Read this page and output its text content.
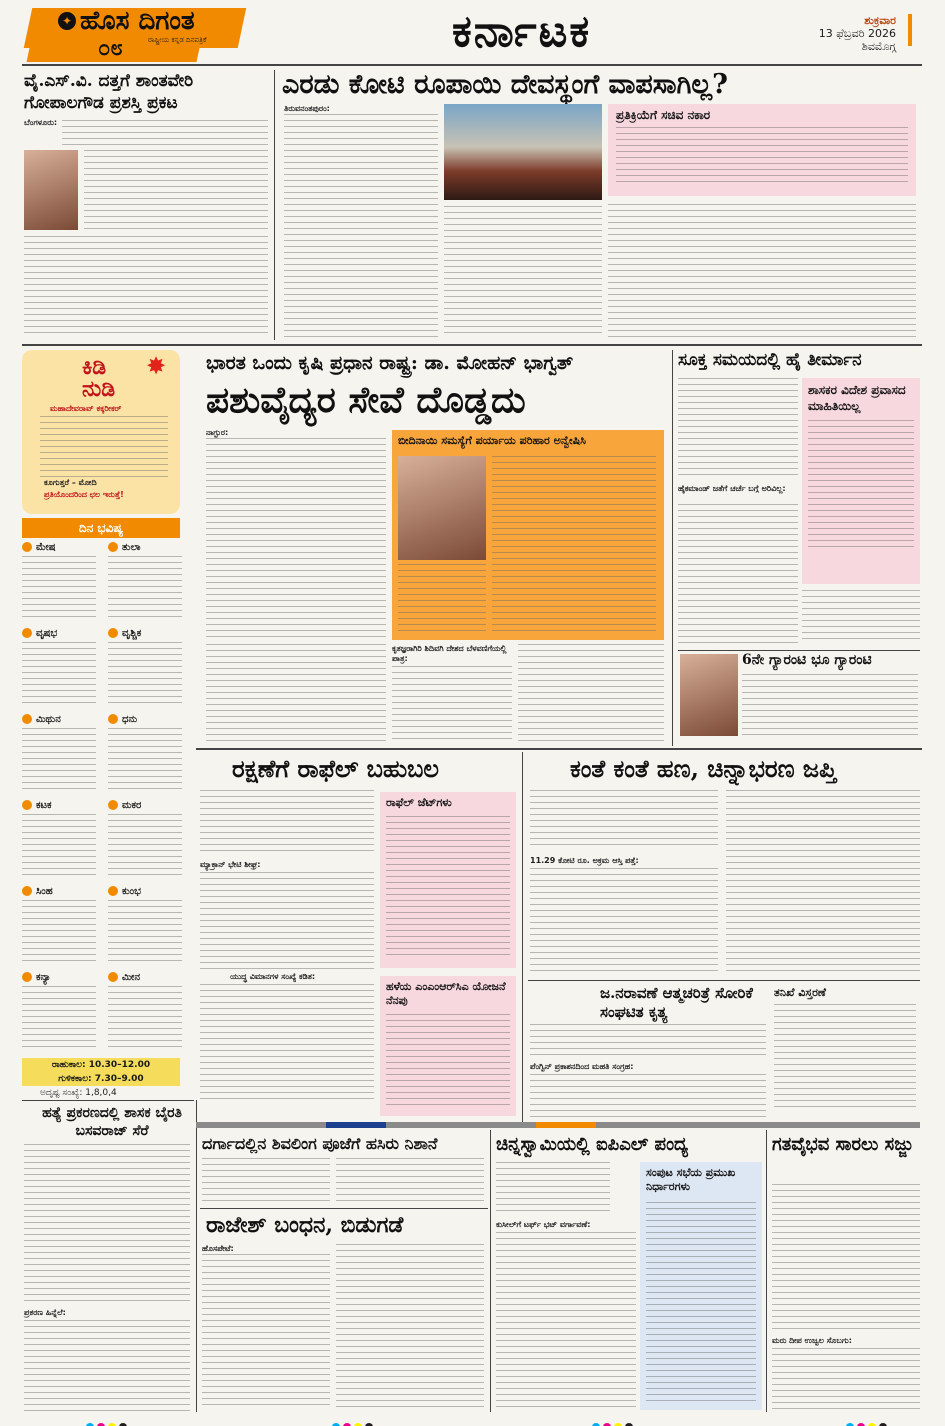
✦ ಹೊಸ ದಿಗಂತ
ರಾಷ್ಟ್ರೀಯ ಕನ್ನಡ ದಿನಪತ್ರಿಕೆ
೦೮	ಕರ್ನಾಟಕ	ಶುಕ್ರವಾರ
13 ಫೆಬ್ರವರಿ 2026
ಶಿವಮೊಗ್ಗ
ವೈ.ಎಸ್.ವಿ. ದತ್ತಗೆ ಶಾಂತವೇರಿ
ಗೋಪಾಲಗೌಡ ಪ್ರಶಸ್ತಿ ಪ್ರಕಟ
ಬೆಂಗಳೂರು:
ಎರಡು ಕೋಟಿ ರೂಪಾಯಿ ದೇವಸ್ಥಂಗೆ ವಾಪಸಾಗಿಲ್ಲ?
ತಿರುವನಂತಪುರಂ:	ಪ್ರತಿಕ್ರಿಯೆಗೆ ಸಚಿವ ನಕಾರ
ಕಿಡಿ ನುಡಿ
✸
ಮಹಾದೇವರಾವ್ ಕಕ್ಕರೀಕರ್
ಕೂಗುತ್ತರೆ – ಮೋದಿ
ಪ್ರತಿಯೊಂದರಿಂದ ಛಲ ಇರುತ್ತೆ!
ದಿನ ಭವಿಷ್ಯ
ಮೇಷ	ತುಲಾ
ವೃಷಭ	ವೃಶ್ಚಿಕ
ಮಿಥುನ	ಧನು
ಕಟಕ	ಮಕರ
ಸಿಂಹ	ಕುಂಭ
ಕನ್ಯಾ	ಮೀನ
ರಾಹುಕಾಲ: 10.30–12.00
ಗುಳಿಕಕಾಲ: 7.30–9.00
ಅದೃಷ್ಟ ಸಂಖ್ಯೆ: 1,8,0,4
ಭಾರತ ಒಂದು ಕೃಷಿ ಪ್ರಧಾನ ರಾಷ್ಟ್ರ: ಡಾ. ಮೋಹನ್ ಭಾಗ್ವತ್
ಪಶುವೈದ್ಯರ ಸೇವೆ ದೊಡ್ಡದು
ನಾಗ್ಪುರ:
ಬೀದಿನಾಯಿ ಸಮಸ್ಯೆಗೆ ಪರ್ಯಾಯ ಪರಿಹಾರ ಅನ್ವೇಷಿಸಿ
ಕೃತಜ್ಞರಾಗಿರಿ ಶಿದಿವಗಿ ದೇಶದ ಬೆಳವಣಿಗೆಯಲ್ಲಿ ಪಾತ್ರ:
ಸೂಕ್ತ ಸಮಯದಲ್ಲಿ ಹೈ ತೀರ್ಮಾನ
ಹೈಕಮಾಂಡ್ ಜತೆಗೆ ಚರ್ಚೆ ಬಗ್ಗೆ ಅರಿವಿಲ್ಲ:
ಶಾಸಕರ ವಿದೇಶ ಪ್ರವಾಸದ ಮಾಹಿತಿಯಿಲ್ಲ
6ನೇ ಗ್ಯಾರಂಟಿ ಭೂ ಗ್ಯಾರಂಟಿ
ರಕ್ಷಣೆಗೆ ರಾಫೆಲ್ ಬಹುಬಲ
ಮ್ಯಾಕ್ರಾನ್ ಭೇಟಿ ಶೀಘ್ರ:
ರಾಫೆಲ್ ಜೆಟ್‌ಗಳು
ಯುದ್ಧ ವಿಮಾನಗಳ ಸಂಖ್ಯೆ ಕಡಿತ:
ಹಳೆಯ ಎಂಎಂಆರ್‌ಸಿಎ ಯೋಜನೆ ನೆನಪು
ಕಂತೆ ಕಂತೆ ಹಣ, ಚಿನ್ನಾಭರಣ ಜಪ್ತಿ
11.29 ಕೋಟಿ ರೂ. ಅಕ್ರಮ ಆಸ್ತಿ ಪತ್ತೆ:
ಜ.ನರಾವಣೆ ಆತ್ಮಚರಿತ್ರೆ ಸೋರಿಕೆ ಸಂಘಟಿತ ಕೃತ್ಯ
ಪೆಂಗ್ವಿನ್ ಪ್ರಕಾಶನದಿಂದ ಮಹತಿ ಸಂಗ್ರಹ:
ತನಿಖೆ ವಿಸ್ತರಣೆ
ಹತ್ಯೆ ಪ್ರಕರಣದಲ್ಲಿ ಶಾಸಕ ಬೈರತಿ ಬಸವರಾಜ್ ಸೆರೆ
ಪ್ರಕರಣ ಹಿನ್ನೆಲೆ:
ದರ್ಗಾದಲ್ಲಿನ ಶಿವಲಿಂಗ ಪೂಜೆಗೆ ಹಸಿರು ನಿಶಾನೆ
ರಾಜೇಶ್ ಬಂಧನ, ಬಿಡುಗಡೆ
ಹೊಸಪೇಟೆ:
ಚಿನ್ನಸ್ವಾಮಿಯಲ್ಲಿ ಐಪಿಎಲ್ ಪಂದ್ಯ
ಕುಸೀಲ್‌ಗೆ ಟರ್ಫ್‌ ಭಟ್ ವರ್ಗಾವಣೆ:
ಸಂಪುಟ ಸಭೆಯ ಪ್ರಮುಖ ನಿರ್ಧಾರಗಳು
ಗತವೈಭವ ಸಾರಲು ಸಜ್ಜು
ಮರು ದೀಪ ಉಜ್ವಲ ಸೊಬಗು:
